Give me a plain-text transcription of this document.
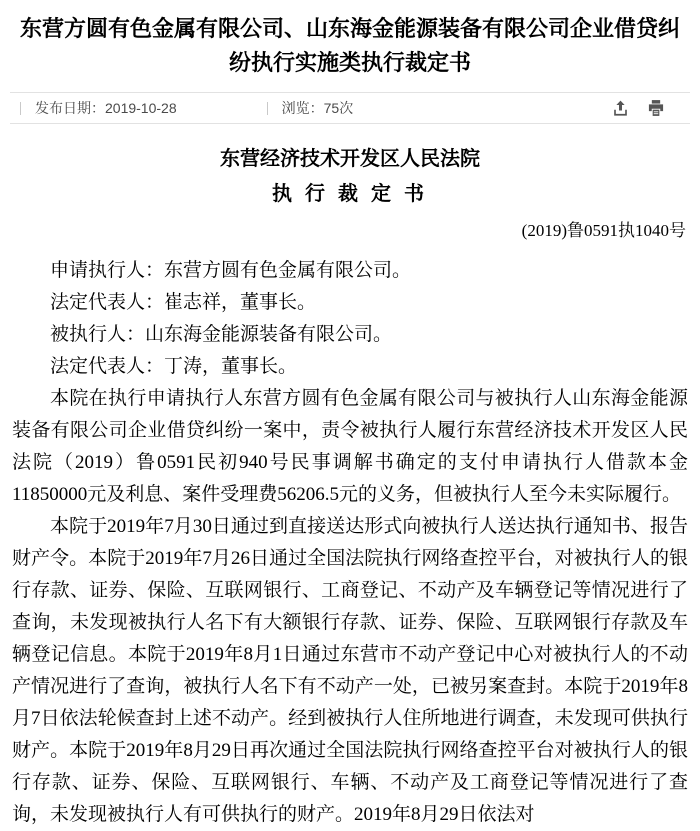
东营方圆有色金属有限公司、山东海金能源装备有限公司企业借贷纠纷执行实施类执行裁定书
发布日期： 2019-10-28	浏览： 75次
东营经济技术开发区人民法院
执 行 裁 定 书
(2019)鲁0591执1040号

申请执行人：东营方圆有色金属有限公司。

法定代表人：崔志祥，董事长。

被执行人：山东海金能源装备有限公司。

法定代表人：丁涛，董事长。

本院在执行申请执行人东营方圆有色金属有限公司与被执行人山东海金能源装备有限公司企业借贷纠纷一案中，责令被执行人履行东营经济技术开发区人民法院（2019）鲁0591民初940号民事调解书确定的支付申请执行人借款本金11850000元及利息、案件受理费56206.5元的义务，但被执行人至今未实际履行。

本院于2019年7月30日通过到直接送达形式向被执行人送达执行通知书、报告财产令。本院于2019年7月26日通过全国法院执行网络查控平台，对被执行人的银行存款、证券、保险、互联网银行、工商登记、不动产及车辆登记等情况进行了查询，未发现被执行人名下有大额银行存款、证券、保险、互联网银行存款及车辆登记信息。本院于2019年8月1日通过东营市不动产登记中心对被执行人的不动产情况进行了查询，被执行人名下有不动产一处，已被另案查封。本院于2019年8月7日依法轮候查封上述不动产。经到被执行人住所地进行调查，未发现可供执行财产。本院于2019年8月29日再次通过全国法院执行网络查控平台对被执行人的银行存款、证券、保险、互联网银行、车辆、不动产及工商登记等情况进行了查询，未发现被执行人有可供执行的财产。2019年8月29日依法对
